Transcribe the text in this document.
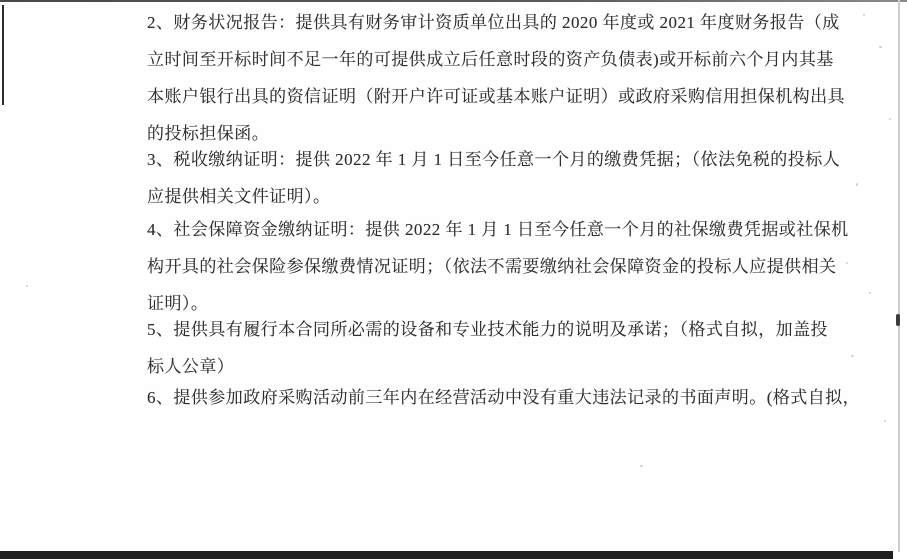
2、财务状况报告：提供具有财务审计资质单位出具的 2020 年度或 2021 年度财务报告（成
立时间至开标时间不足一年的可提供成立后任意时段的资产负债表)或开标前六个月内其基
本账户银行出具的资信证明（附开户许可证或基本账户证明）或政府采购信用担保机构出具
的投标担保函。
3、税收缴纳证明：提供 2022 年 1 月 1 日至今任意一个月的缴费凭据；（依法免税的投标人
应提供相关文件证明）。
4、社会保障资金缴纳证明：提供 2022 年 1 月 1 日至今任意一个月的社保缴费凭据或社保机
构开具的社会保险参保缴费情况证明；（依法不需要缴纳社会保障资金的投标人应提供相关
证明）。
5、提供具有履行本合同所必需的设备和专业技术能力的说明及承诺；（格式自拟，加盖投
标人公章）
6、提供参加政府采购活动前三年内在经营活动中没有重大违法记录的书面声明。(格式自拟，
